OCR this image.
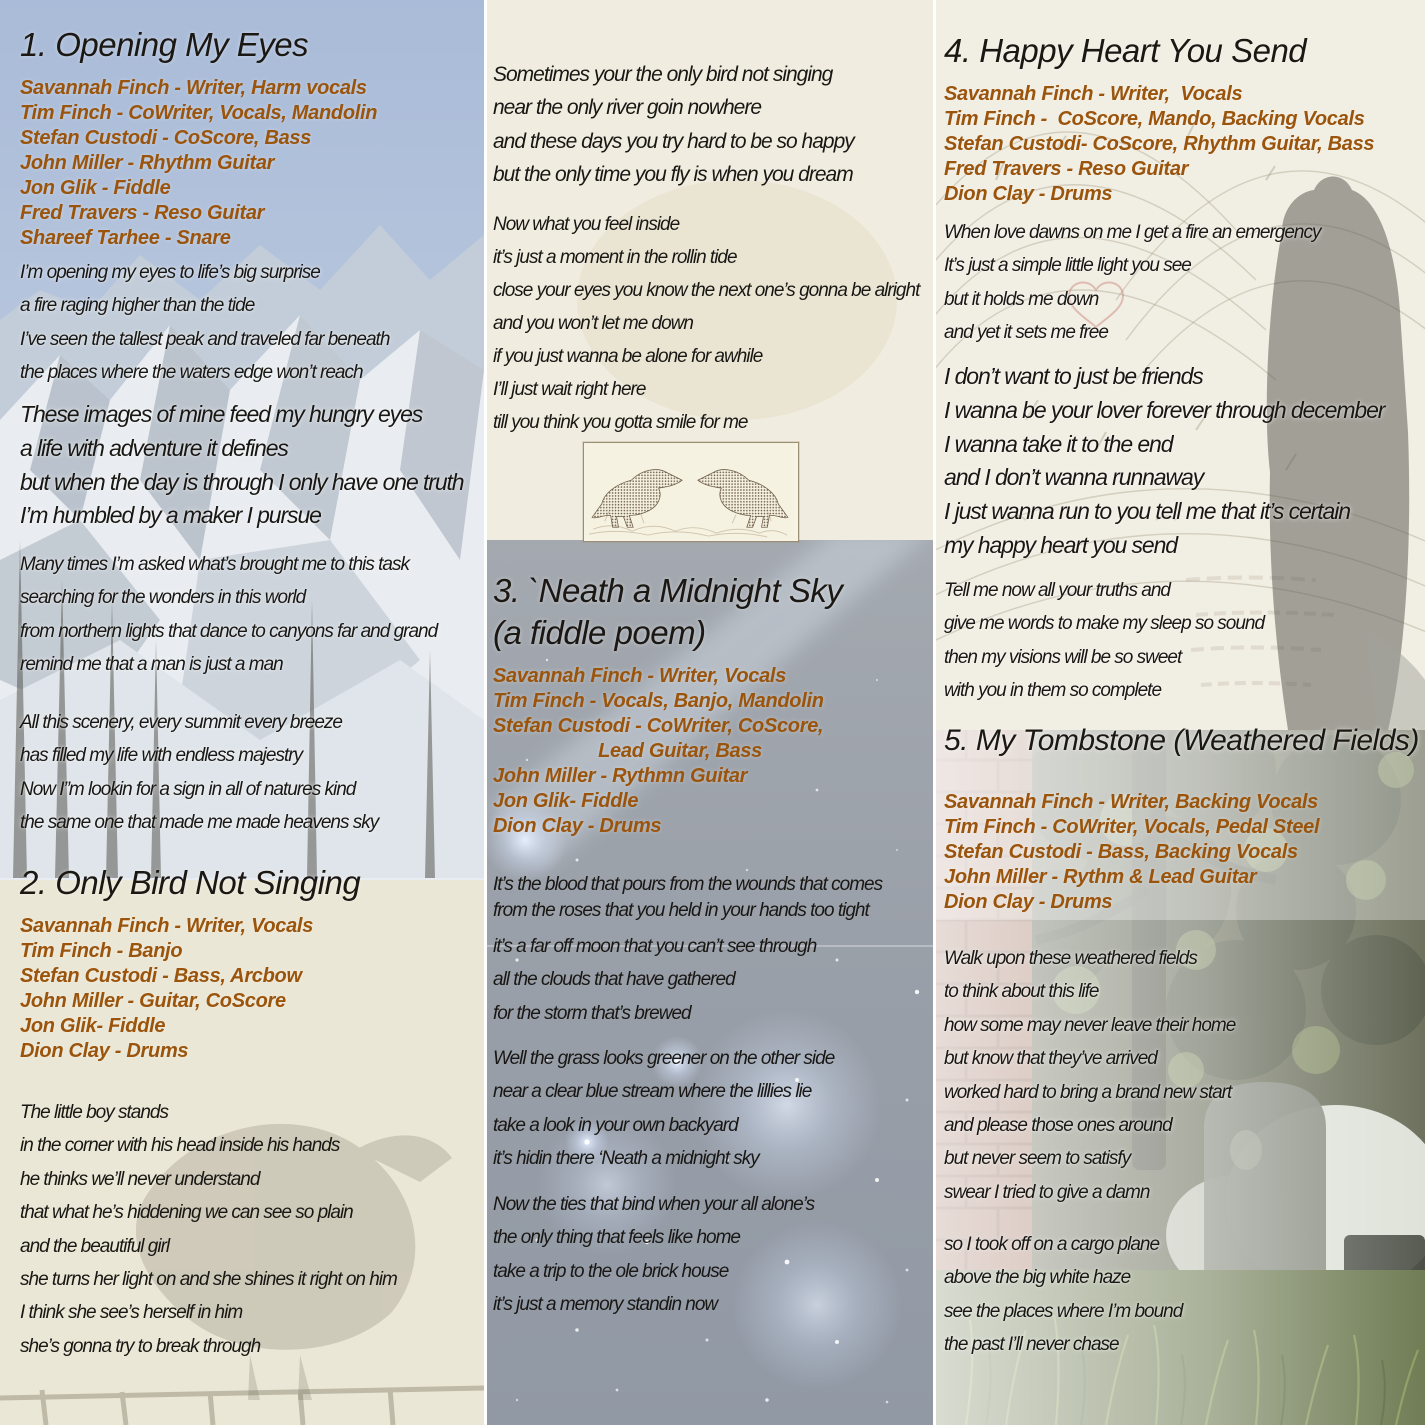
1. Opening My Eyes
Savannah Finch - Writer, Harm vocals
Tim Finch - CoWriter, Vocals, Mandolin
Stefan Custodi - CoScore, Bass
John Miller - Rhythm Guitar
Jon Glik - Fiddle
Fred Travers - Reso Guitar
Shareef Tarhee - Snare
I’m opening my eyes to life’s big surprise
a fire raging higher than the tide
I’ve seen the tallest peak and traveled far beneath
the places where the waters edge won’t reach
These images of mine feed my hungry eyes
a life with adventure it defines
but when the day is through I only have one truth
I’m humbled by a maker I pursue
Many times I’m asked what’s brought me to this task
searching for the wonders in this world
from northern lights that dance to canyons far and grand
remind me that a man is just a man
All this scenery, every summit every breeze
has filled my life with endless majestry
Now I”m lookin for a sign in all of natures kind
the same one that made me made heavens sky
2. Only Bird Not Singing
Savannah Finch - Writer, Vocals
Tim Finch - Banjo
Stefan Custodi - Bass, Arcbow
John Miller - Guitar, CoScore
Jon Glik- Fiddle
Dion Clay - Drums
The little boy stands
in the corner with his head inside his hands
he thinks we’ll never understand
that what he’s hiddening we can see so plain
and the beautiful girl
she turns her light on and she shines it right on him
I think she see’s herself in him
she’s gonna try to break through
Sometimes your the only bird not singing
near the only river goin nowhere
and these days you try hard to be so happy
but the only time you fly is when you dream
Now what you feel inside
it’s just a moment in the rollin tide
close your eyes you know the next one’s gonna be alright
and you won’t let me down
if you just wanna be alone for awhile
I’ll just wait right here
till you think you gotta smile for me
3. `Neath a Midnight Sky
(a fiddle poem)
Savannah Finch - Writer, Vocals
Tim Finch - Vocals, Banjo, Mandolin
Stefan Custodi - CoWriter, CoScore,
Lead Guitar, Bass
John Miller - Rythmn Guitar
Jon Glik- Fiddle
Dion Clay - Drums
It’s the blood that pours from the wounds that comes
from the roses that you held in your hands too tight
it’s a far off moon that you can’t see through
all the clouds that have gathered
for the storm that’s brewed
Well the grass looks greener on the other side
near a clear blue stream where the lillies lie
take a look in your own backyard
it’s hidin there ‘Neath a midnight sky
Now the ties that bind when your all alone’s
the only thing that feels like home
take a trip to the ole brick house
it’s just a memory standin now
4. Happy Heart You Send
Savannah Finch - Writer,  Vocals
Tim Finch -  CoScore, Mando, Backing Vocals
Stefan Custodi- CoScore, Rhythm Guitar, Bass
Fred Travers - Reso Guitar
Dion Clay - Drums
When love dawns on me I get a fire an emergency
It’s just a simple little light you see
but it holds me down
and yet it sets me free
I don’t want to just be friends
I wanna be your lover forever through december
I wanna take it to the end
and I don’t wanna runnaway
I just wanna run to you tell me that it’s certain
my happy heart you send
Tell me now all your truths and
give me words to make my sleep so sound
then my visions will be so sweet
with you in them so complete
5. My Tombstone (Weathered Fields)
Savannah Finch - Writer, Backing Vocals
Tim Finch - CoWriter, Vocals, Pedal Steel
Stefan Custodi - Bass, Backing Vocals
John Miller - Rythm & Lead Guitar
Dion Clay - Drums
Walk upon these weathered fields
to think about this life
how some may never leave their home
but know that they’ve arrived
worked hard to bring a brand new start
and please those ones around
but never seem to satisfy
swear I tried to give a damn
so I took off on a cargo plane
above the big white haze
see the places where I’m bound
the past I’ll never chase
